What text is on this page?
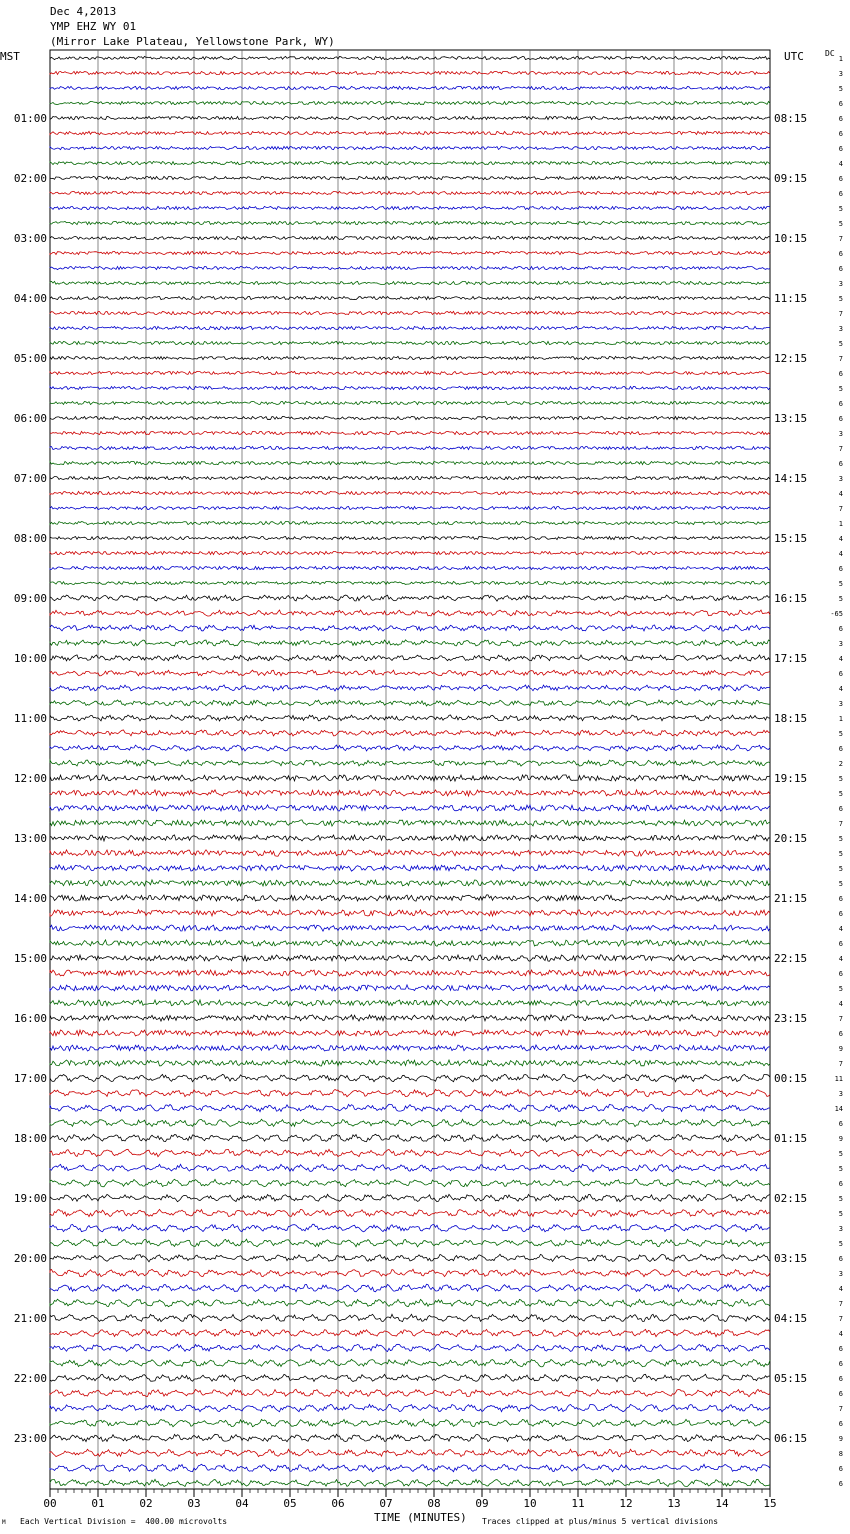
Dec 4,2013
YMP EHZ WY 01
(Mirror Lake Plateau, Yellowstone Park, WY)
MST	UTC	DC
1
3
5
6
6
6
6
4
6
6
5
5
7
6
6
3
5
7
3
5
7
6
5
6
6
3
7
6
3
4
7
1
4
4
6
5
5
-65
6
3
4
6
4
3
1
5
6
2
5
5
6
7
5
5
5
5
6
6
4
6
4
6
5
4
7
6
9
7
11
3
14
6
9
5
5
6
5
5
3
5
6
3
4
7
7
4
6
6
6
6
7
6
9
8
6
6
01:00
02:00
03:00
04:00
05:00
06:00
07:00
08:00
09:00
10:00
11:00
12:00
13:00
14:00
15:00
16:00
17:00
18:00
19:00
20:00
21:00
22:00
23:00
08:15
09:15
10:15
11:15
12:15
13:15
14:15
15:15
16:15
17:15
18:15
19:15
20:15
21:15
22:15
23:15
00:15
01:15
02:15
03:15
04:15
05:15
06:15
00	01	02	03	04	05	06	07	08	09	10	11	12	13	14	15
Each Vertical Division =  400.00 microvolts	Traces clipped at plus/minus 5 vertical divisions
M	TIME (MINUTES)
